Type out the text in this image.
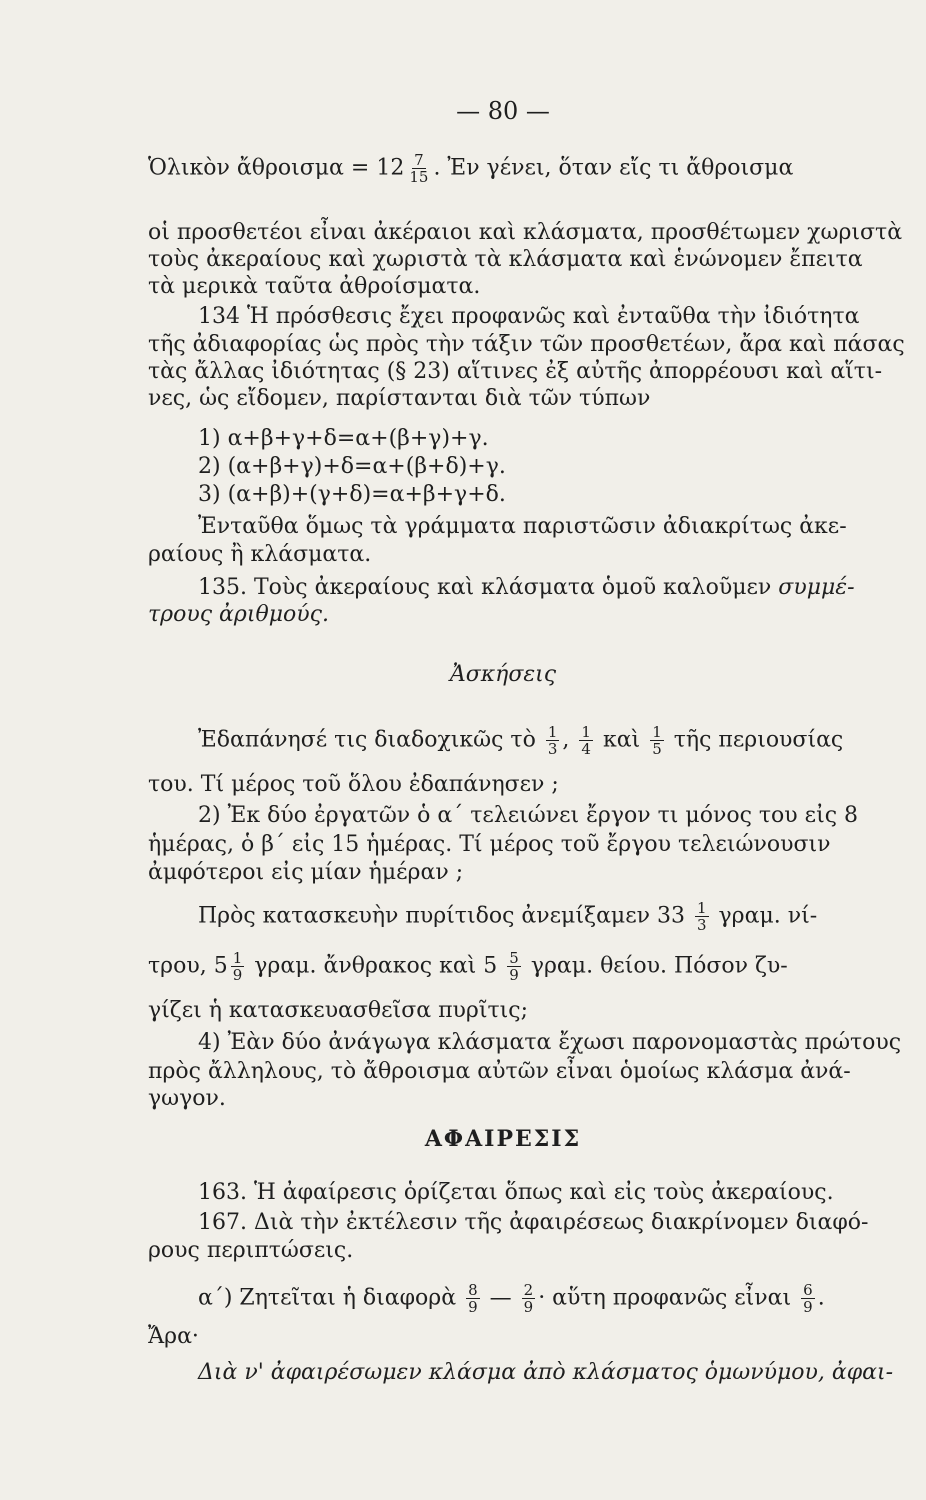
— 80 —
Ὁλικὸν ἄθροισμα = $12 \frac{7}{15}$ . Ἐν γένει, ὅταν εἴς τι ἄθροισμα
οἱ προσθετέοι εἶναι ἀκέραιοι καὶ κλάσματα, προσθέτωμεν χωριστὰ
τοὺς ἀκεραίους καὶ χωριστὰ τὰ κλάσματα καὶ ἑνώνομεν ἔπειτα
τὰ μερικὰ ταῦτα ἀθροίσματα.
134 Ἡ πρόσθεσις ἔχει προφανῶς καὶ ἐνταῦθα τὴν ἰδιότητα
τῆς ἀδιαφορίας ὡς πρὸς τὴν τάξιν τῶν προσθετέων, ἄρα καὶ πάσας
τὰς ἄλλας ἰδιότητας (§ 23) αἵτινες ἐξ αὐτῆς ἀπορρέουσι καὶ αἵτι-
νες, ὡς εἴδομεν, παρίστανται διὰ τῶν τύπων
1) α+β+γ+δ=α+(β+γ)+γ.
2) (α+β+γ)+δ=α+(β+δ)+γ.
3) (α+β)+(γ+δ)=α+β+γ+δ.
Ἐνταῦθα ὅμως τὰ γράμματα παριστῶσιν ἀδιακρίτως ἀκε-
ραίους ἢ κλάσματα.
135. Τοὺς ἀκεραίους καὶ κλάσματα ὁμοῦ καλοῦμεν συμμέ-
τρους ἀριθμούς.
Ἀσκήσεις
Ἐδαπάνησέ τις διαδοχικῶς τὸ $\frac{1}{3}$ , $\frac{1}{4}$ καὶ $\frac{1}{5}$ τῆς περιουσίας
του. Τί μέρος τοῦ ὅλου ἐδαπάνησεν ;
2) Ἐκ δύο ἐργατῶν ὁ α΄ τελειώνει ἔργον τι μόνος του εἰς 8
ἡμέρας, ὁ β΄ εἰς 15 ἡμέρας. Τί μέρος τοῦ ἔργου τελειώνουσιν
ἀμφότεροι εἰς μίαν ἡμέραν ;
Πρὸς κατασκευὴν πυρίτιδος ἀνεμίξαμεν $33 \frac{1}{3} \gamma\rho\alpha\mu$. νί-
τρου, $5 \frac{1}{9} \gamma\rho\alpha\mu$. ἄνθρακος καὶ $5 \frac{5}{9} \gamma\rho\alpha\mu$. θείου. Πόσον ζυ-
γίζει ἡ κατασκευασθεῖσα πυρῖτις;
4) Ἐὰν δύο ἀνάγωγα κλάσματα ἔχωσι παρονομαστὰς πρώτους
πρὸς ἄλληλους, τὸ ἄθροισμα αὐτῶν εἶναι ὁμοίως κλάσμα ἀνά-
γωγον.
ΑΦΑΙΡΕΣΙΣ
163. Ἡ ἀφαίρεσις ὁρίζεται ὅπως καὶ εἰς τοὺς ἀκεραίους.
167. Διὰ τὴν ἐκτέλεσιν τῆς ἀφαιρέσεως διακρίνομεν διαφό-
ρους περιπτώσεις.
α΄) Ζητεῖται ἡ διαφορὰ $\frac{8}{9}$ — $\frac{2}{9}$ · αὕτη προφανῶς εἶναι $\frac{6}{9}$ .
Ἄρα·
Διὰ ν' ἀφαιρέσωμεν κλάσμα ἀπὸ κλάσματος ὁμωνύμου, ἀφαι-
